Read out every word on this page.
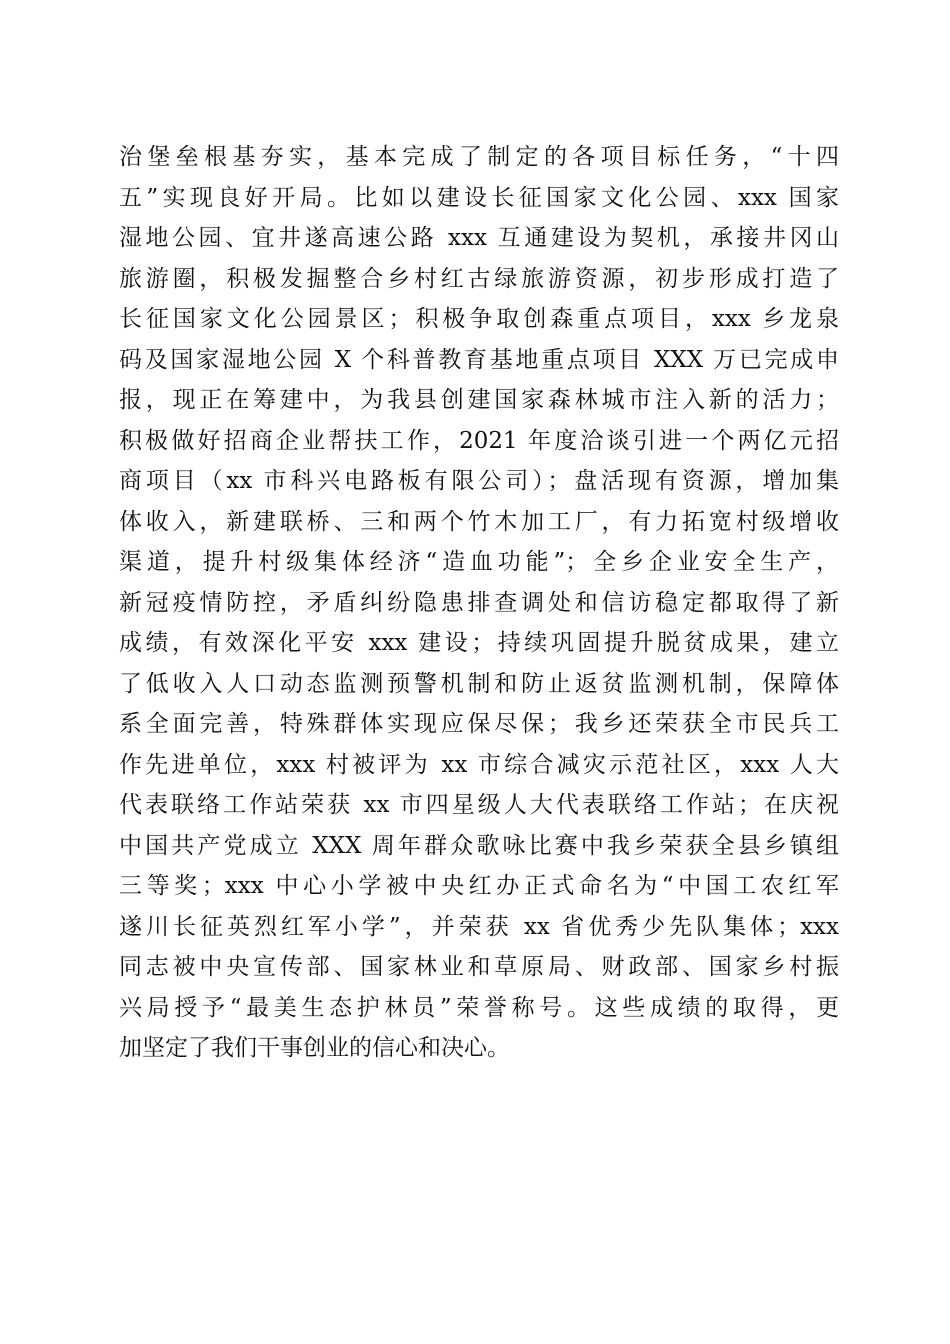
治堡垒根基夯实，基本完成了制定的各项目标任务，“十四
五”实现良好开局。比如以建设长征国家文化公园、xxx 国家
湿地公园、宜井遂高速公路 xxx 互通建设为契机，承接井冈山
旅游圈，积极发掘整合乡村红古绿旅游资源，初步形成打造了
长征国家文化公园景区；积极争取创森重点项目，xxx 乡龙泉
码及国家湿地公园 X 个科普教育基地重点项目 XXX 万已完成申
报，现正在筹建中，为我县创建国家森林城市注入新的活力；
积极做好招商企业帮扶工作，2021 年度洽谈引进一个两亿元招
商项目（xx 市科兴电路板有限公司）；盘活现有资源，增加集
体收入，新建联桥、三和两个竹木加工厂，有力拓宽村级增收
渠道，提升村级集体经济“造血功能”；全乡企业安全生产，
新冠疫情防控，矛盾纠纷隐患排查调处和信访稳定都取得了新
成绩，有效深化平安 xxx 建设；持续巩固提升脱贫成果，建立
了低收入人口动态监测预警机制和防止返贫监测机制，保障体
系全面完善，特殊群体实现应保尽保；我乡还荣获全市民兵工
作先进单位，xxx 村被评为 xx 市综合减灾示范社区，xxx 人大
代表联络工作站荣获 xx 市四星级人大代表联络工作站；在庆祝
中国共产党成立 XXX 周年群众歌咏比赛中我乡荣获全县乡镇组
三等奖；xxx 中心小学被中央红办正式命名为“中国工农红军
遂川长征英烈红军小学”，并荣获 xx 省优秀少先队集体；xxx
同志被中央宣传部、国家林业和草原局、财政部、国家乡村振
兴局授予“最美生态护林员”荣誉称号。这些成绩的取得，更
加坚定了我们干事创业的信心和决心。
